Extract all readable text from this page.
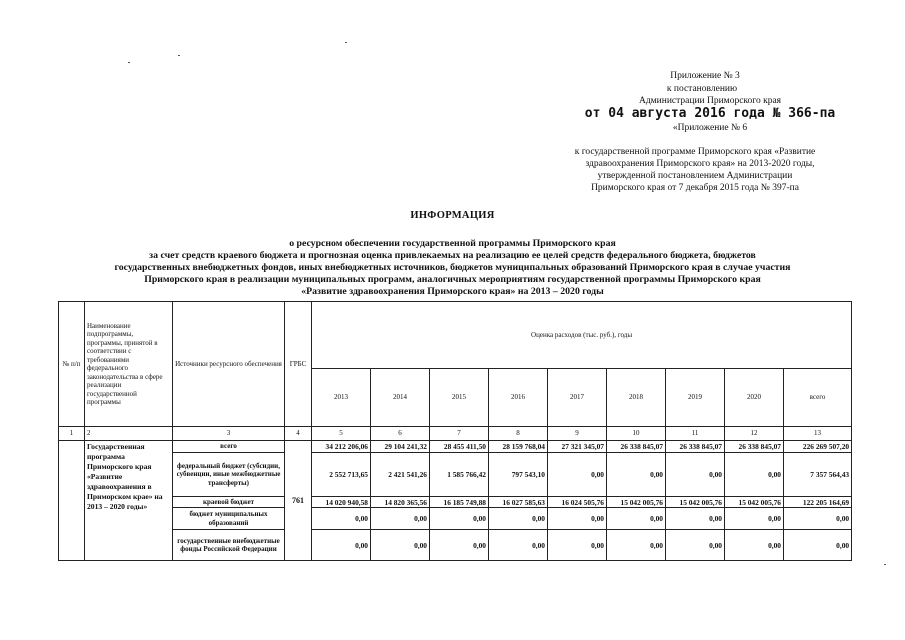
Приложение № 3
к постановлению
Администрации Приморского края
от 04 августа 2016 года № 366-па
«Приложение № 6
к государственной программе Приморского края «Развитие
здравоохранения Приморского края» на 2013-2020 годы,
утвержденной постановлением Администрации
Приморского края от 7 декабря 2015 года № 397-па
ИНФОРМАЦИЯ
о ресурсном обеспечении государственной программы Приморского края
за счет средств краевого бюджета и прогнозная оценка привлекаемых на реализацию ее целей средств федерального бюджета, бюджетов
государственных внебюджетных фондов, иных внебюджетных источников, бюджетов муниципальных образований Приморского края в случае участия
Приморского края в реализации муниципальных программ, аналогичных мероприятиям государственной программы Приморского края
«Развитие здравоохранения Приморского края» на 2013 – 2020 годы
№ п/п	Наименование подпрограммы, программы, принятой в соответствии с требованиями федерального законодательства в сфере реализации государственной программы	Источники ресурсного обеспечения	ГРБС	Оценка расходов (тыс. руб.), годы								
				2013	2014	2015	2016	2017	2018	2019	2020	всего
1	2	3	4	5	6	7	8	9	10	11	12	13
	Государственная программа Приморского края «Развитие здравоохранения в Приморском крае» на 2013 – 2020 годы»	всего	761	34 212 206,06	29 104 241,32	28 455 411,50	28 159 768,04	27 321 345,07	26 338 845,07	26 338 845,07	26 338 845,07	226 269 507,20
		федеральный бюджет (субсидии, субвенции, иные межбюджетные трансферты)		2 552 713,65	2 421 541,26	1 585 766,42	797 543,10	0,00	0,00	0,00	0,00	7 357 564,43
		краевой бюджет		14 020 940,58	14 820 365,56	16 185 749,88	16 027 585,63	16 024 505,76	15 042 005,76	15 042 005,76	15 042 005,76	122 205 164,69
		бюджет муниципальных образований		0,00	0,00	0,00	0,00	0,00	0,00	0,00	0,00	0,00
		государственные внебюджетные фонды Российской Федерации		0,00	0,00	0,00	0,00	0,00	0,00	0,00	0,00	0,00
